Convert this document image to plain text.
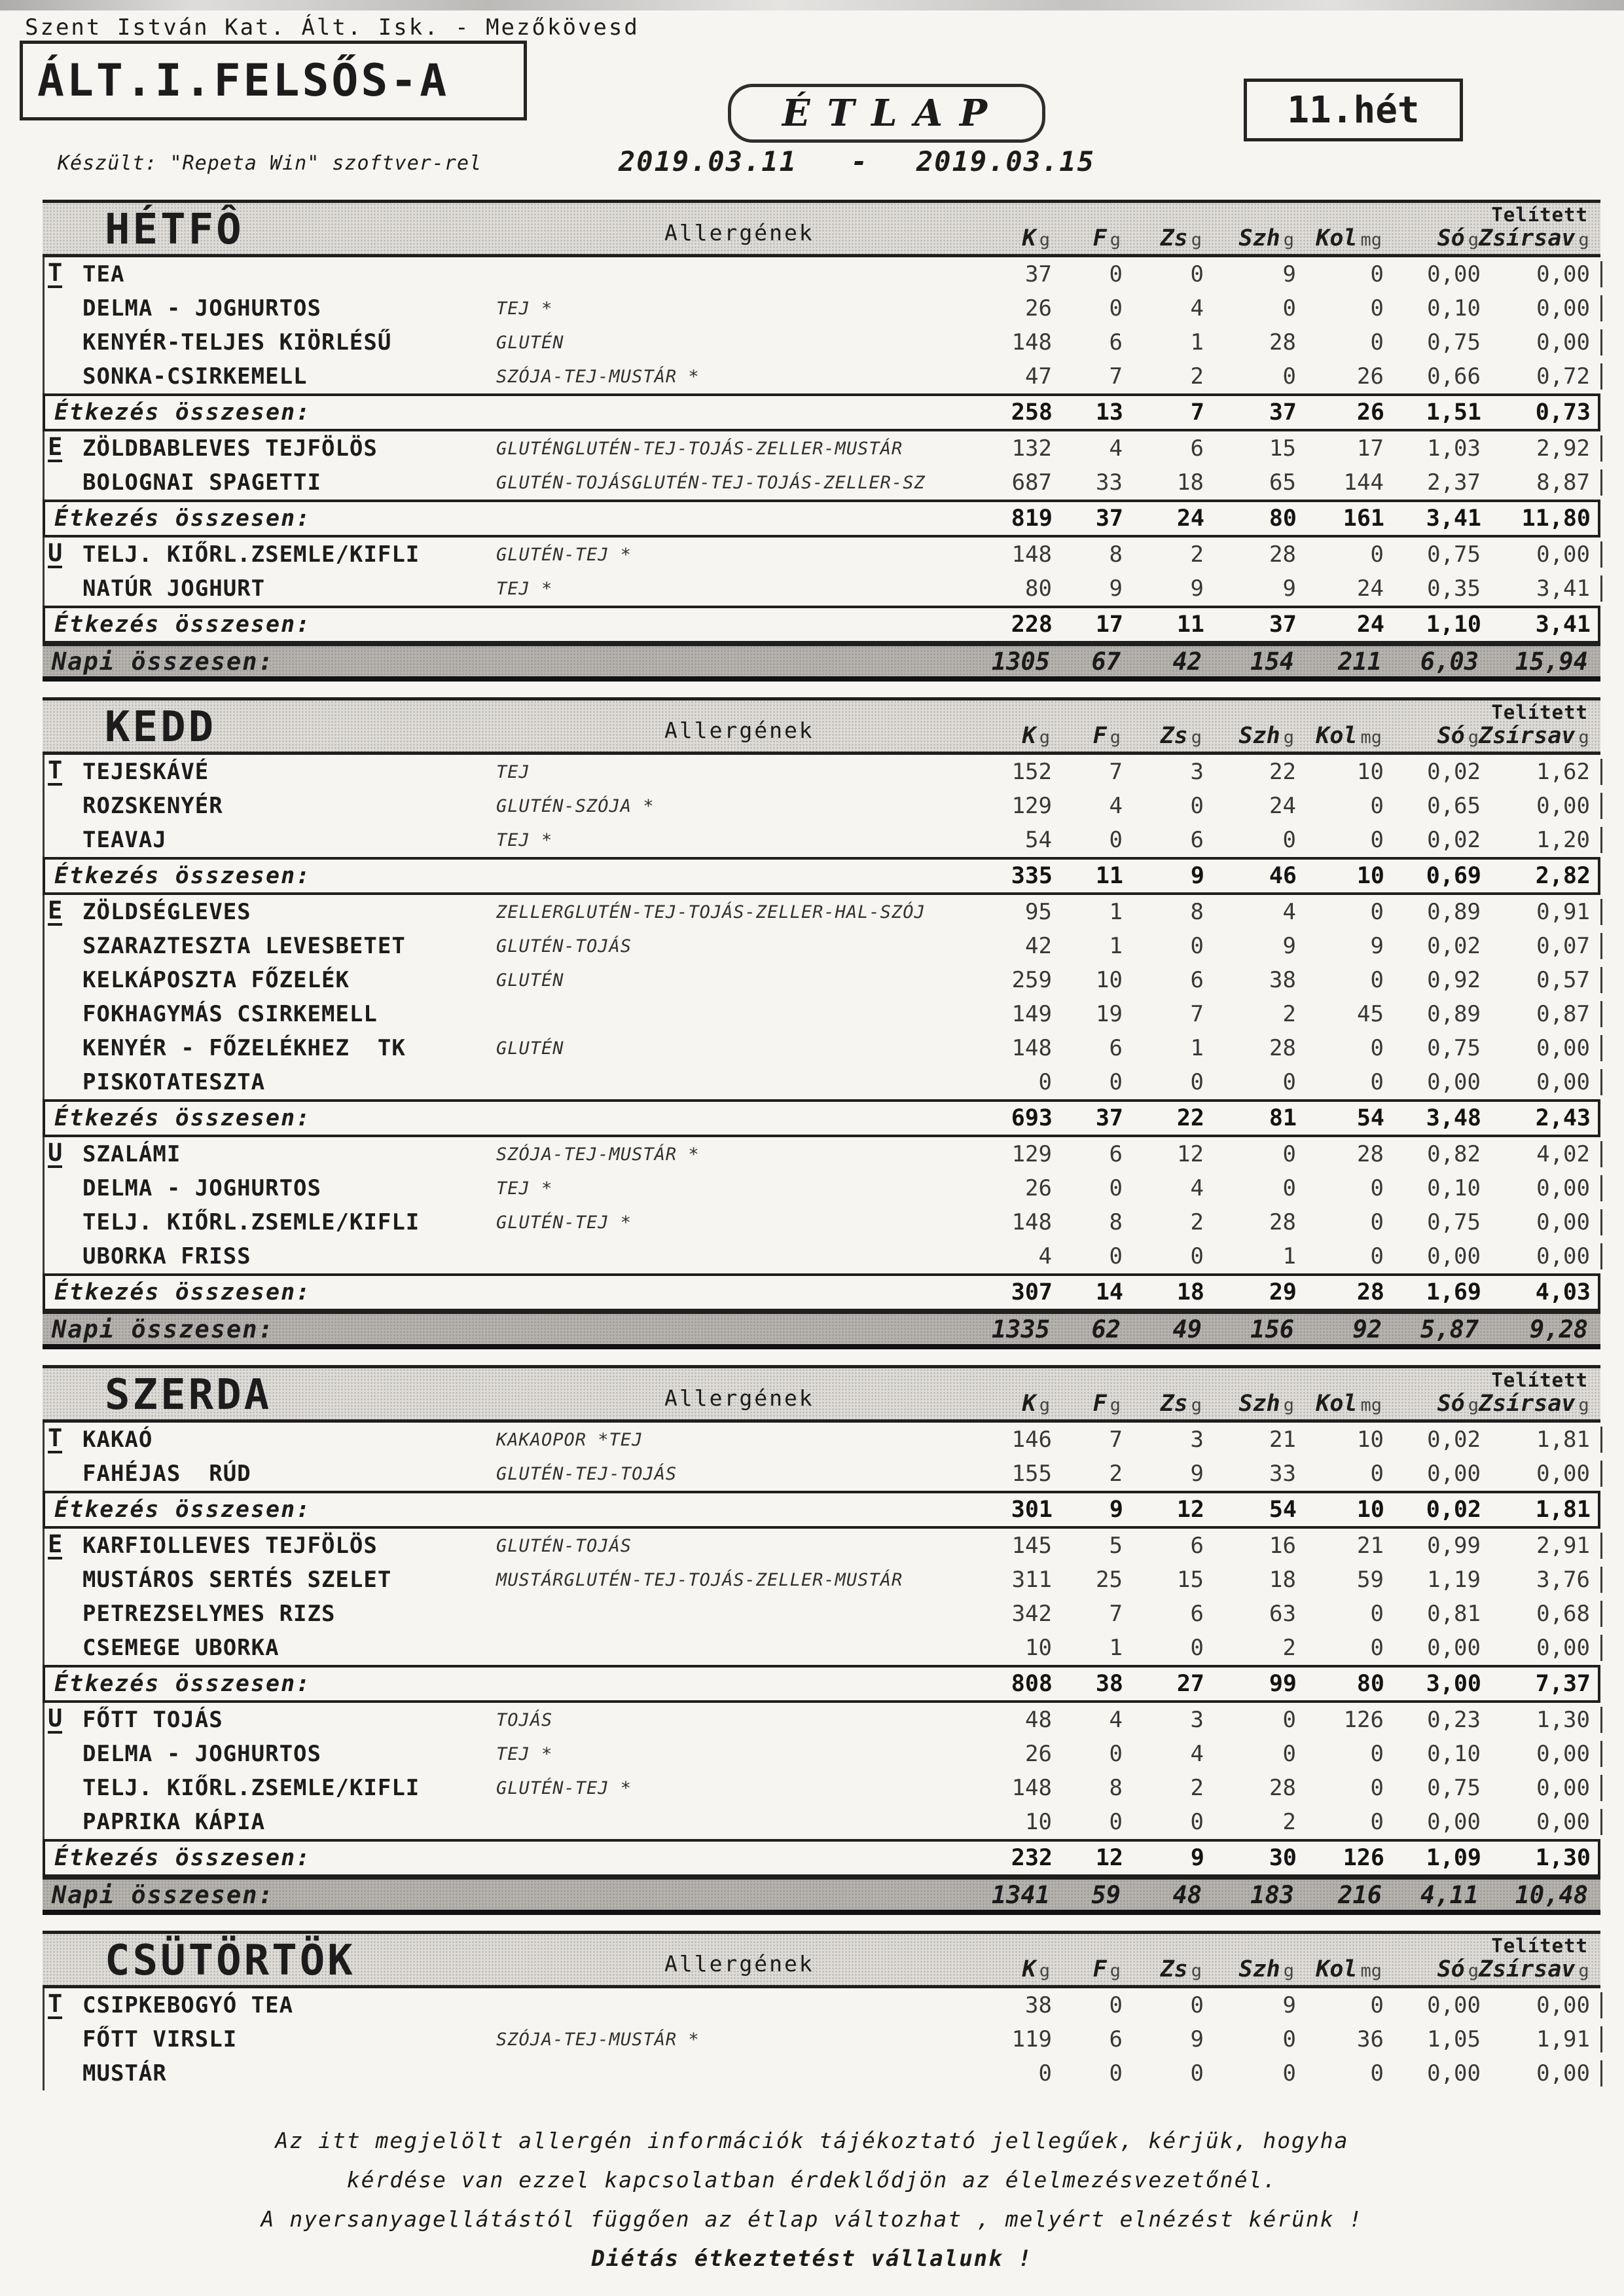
Szent István Kat. Ált. Isk. - Mezőkövesd
ÁLT.I.FELSŐS-A
ÉTLAP	11.hét
Készült: "Repeta Win" szoftver-rel	2019.03.11 - 2019.03.15
HÉTFÔ	Allergének
Telített
K g	F g	Zs g	Szh g Kol mg	Só g Zsírsav g
T TEA	37	0	0	9	0	0,00	0,00
DELMA - JOGHURTOS	TEJ *	26	0	4	0	0	0,10	0,00
KENYÉR-TELJES KIÖRLÉSŰ	GLUTÉN	148	6	1	28	0	0,75	0,00
SONKA-CSIRKEMELL	SZÓJA-TEJ-MUSTÁR *	47	7	2	0	26	0,66	0,72
Étkezés összesen:	258	13	7	37	26	1,51	0,73
E ZÖLDBABLEVES TEJFÖLÖS	GLUTÉNGLUTÉN-TEJ-TOJÁS-ZELLER-MUSTÁR	132	4	6	15	17	1,03	2,92
BOLOGNAI SPAGETTI	GLUTÉN-TOJÁSGLUTÉN-TEJ-TOJÁS-ZELLER-SZ	687	33	18	65	144	2,37	8,87
Étkezés összesen:	819	37	24	80	161	3,41	11,80
U TELJ. KIŐRL.ZSEMLE/KIFLI	GLUTÉN-TEJ *	148	8	2	28	0	0,75	0,00
NATÚR JOGHURT	TEJ *	80	9	9	9	24	0,35	3,41
Étkezés összesen:	228	17	11	37	24	1,10	3,41
Napi összesen:	1305	67	42	154	211	6,03	15,94
KEDD	Allergének
Telített
K g	F g	Zs g	Szh g Kol mg	Só g Zsírsav g
T TEJESKÁVÉ	TEJ	152	7	3	22	10	0,02	1,62
ROZSKENYÉR	GLUTÉN-SZÓJA *	129	4	0	24	0	0,65	0,00
TEAVAJ	TEJ *	54	0	6	0	0	0,02	1,20
Étkezés összesen:	335	11	9	46	10	0,69	2,82
E ZÖLDSÉGLEVES	ZELLERGLUTÉN-TEJ-TOJÁS-ZELLER-HAL-SZÓJ	95	1	8	4	0	0,89	0,91
SZARAZTESZTA LEVESBETET	GLUTÉN-TOJÁS	42	1	0	9	9	0,02	0,07
KELKÁPOSZTA FŐZELÉK	GLUTÉN	259	10	6	38	0	0,92	0,57
FOKHAGYMÁS CSIRKEMELL	149	19	7	2	45	0,89	0,87
KENYÉR - FŐZELÉKHEZ  TK	GLUTÉN	148	6	1	28	0	0,75	0,00
PISKOTATESZTA	0	0	0	0	0	0,00	0,00
Étkezés összesen:	693	37	22	81	54	3,48	2,43
U SZALÁMI	SZÓJA-TEJ-MUSTÁR *	129	6	12	0	28	0,82	4,02
DELMA - JOGHURTOS	TEJ *	26	0	4	0	0	0,10	0,00
TELJ. KIŐRL.ZSEMLE/KIFLI	GLUTÉN-TEJ *	148	8	2	28	0	0,75	0,00
UBORKA FRISS	4	0	0	1	0	0,00	0,00
Étkezés összesen:	307	14	18	29	28	1,69	4,03
Napi összesen:	1335	62	49	156	92	5,87	9,28
SZERDA	Allergének
Telített
K g	F g	Zs g	Szh g Kol mg	Só g Zsírsav g
T KAKAÓ	KAKAOPOR *TEJ	146	7	3	21	10	0,02	1,81
FAHÉJAS  RÚD	GLUTÉN-TEJ-TOJÁS	155	2	9	33	0	0,00	0,00
Étkezés összesen:	301	9	12	54	10	0,02	1,81
E KARFIOLLEVES TEJFÖLÖS	GLUTÉN-TOJÁS	145	5	6	16	21	0,99	2,91
MUSTÁROS SERTÉS SZELET	MUSTÁRGLUTÉN-TEJ-TOJÁS-ZELLER-MUSTÁR	311	25	15	18	59	1,19	3,76
PETREZSELYMES RIZS	342	7	6	63	0	0,81	0,68
CSEMEGE UBORKA	10	1	0	2	0	0,00	0,00
Étkezés összesen:	808	38	27	99	80	3,00	7,37
U FŐTT TOJÁS	TOJÁS	48	4	3	0	126	0,23	1,30
DELMA - JOGHURTOS	TEJ *	26	0	4	0	0	0,10	0,00
TELJ. KIŐRL.ZSEMLE/KIFLI	GLUTÉN-TEJ *	148	8	2	28	0	0,75	0,00
PAPRIKA KÁPIA	10	0	0	2	0	0,00	0,00
Étkezés összesen:	232	12	9	30	126	1,09	1,30
Napi összesen:	1341	59	48	183	216	4,11	10,48
CSÜTÖRTÖK	Allergének
Telített
K g	F g	Zs g	Szh g Kol mg	Só g Zsírsav g
T CSIPKEBOGYÓ TEA	38	0	0	9	0	0,00	0,00
FŐTT VIRSLI	SZÓJA-TEJ-MUSTÁR *	119	6	9	0	36	1,05	1,91
MUSTÁR	0	0	0	0	0	0,00	0,00
Az itt megjelölt allergén információk tájékoztató jellegűek, kérjük, hogyha
kérdése van ezzel kapcsolatban érdeklődjön az élelmezésvezetőnél.
A nyersanyagellátástól függően az étlap változhat , melyért elnézést kérünk !
Diétás étkeztetést vállalunk !
